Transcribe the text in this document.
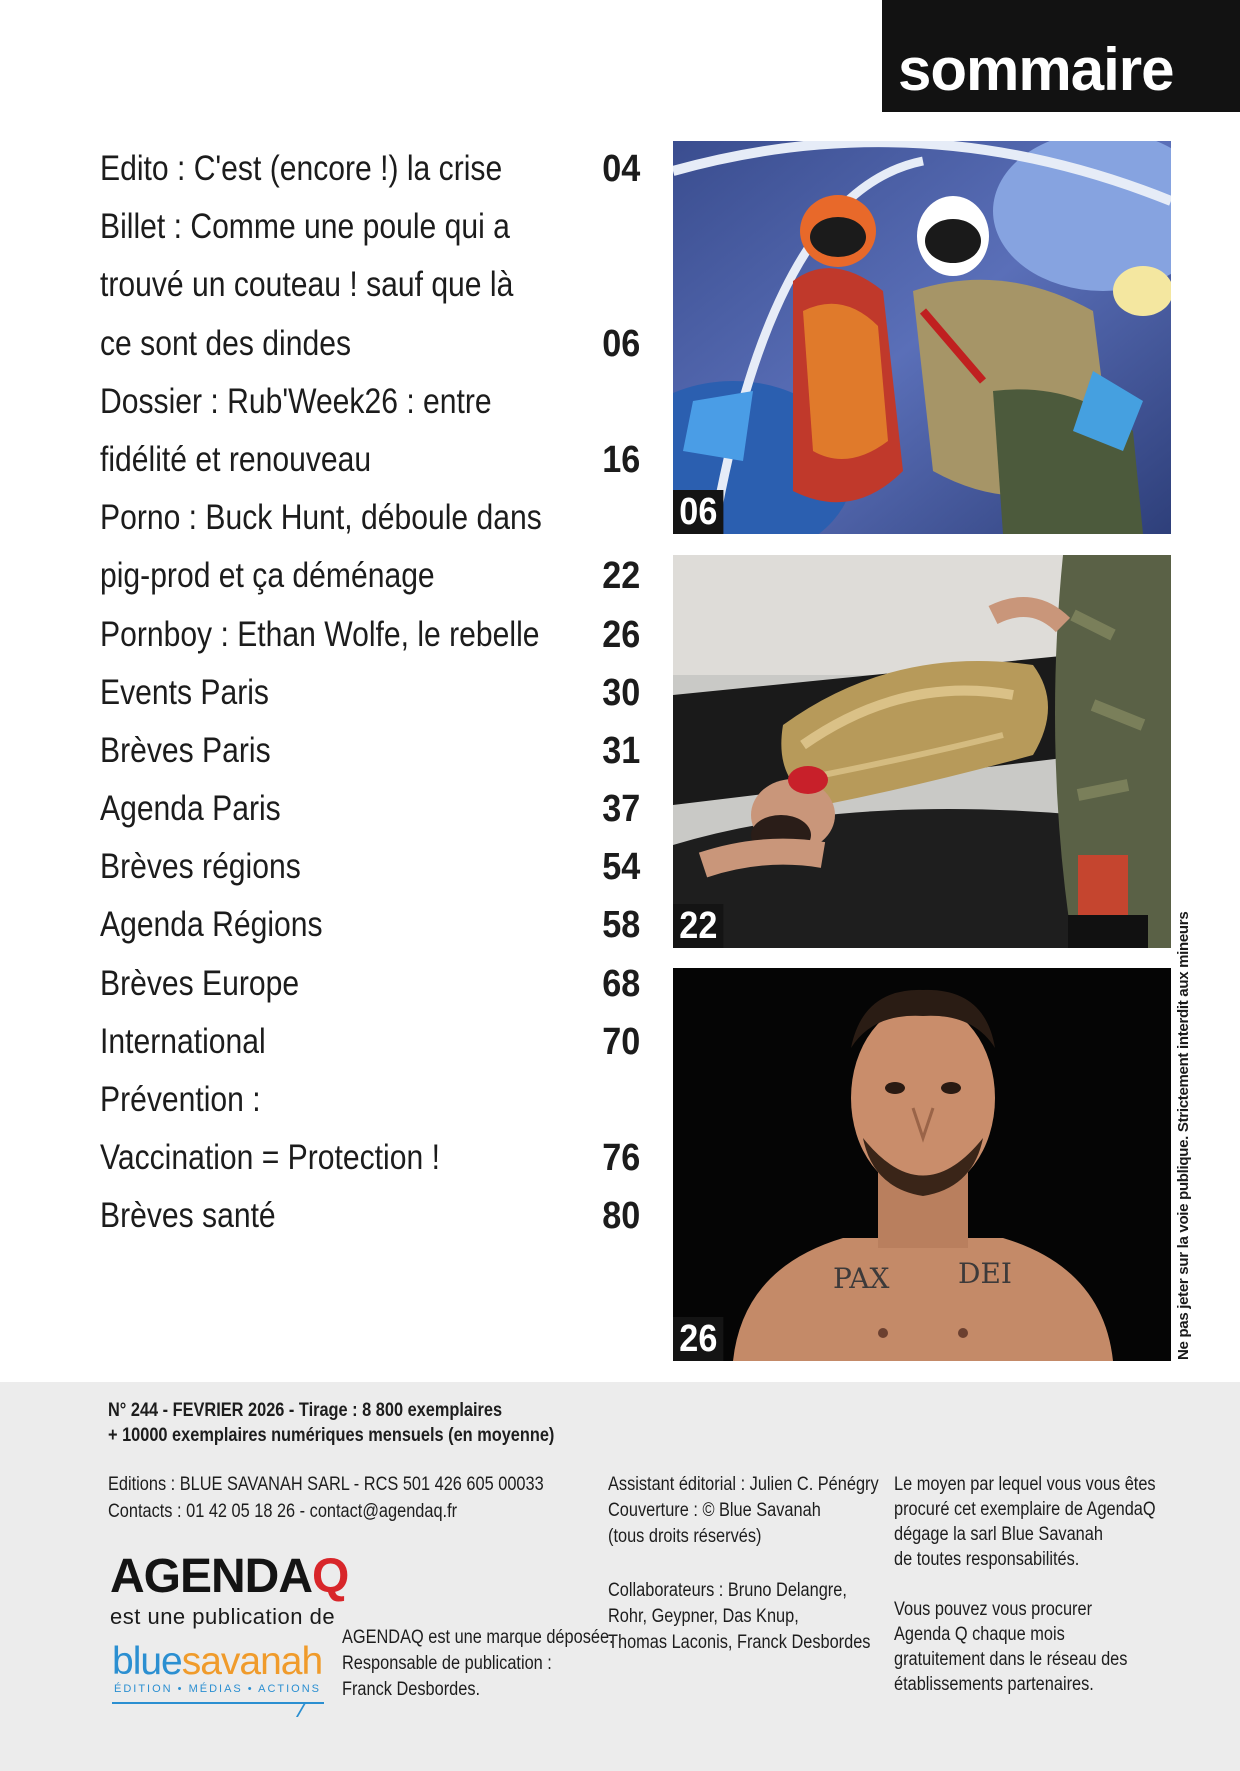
sommaire
Edito : C'est (encore !) la crise	04
Billet : Comme une poule qui a
trouvé un couteau ! sauf que là
ce sont des dindes	06
Dossier : Rub'Week26 : entre
fidélité et renouveau	16
Porno : Buck Hunt, déboule dans
pig-prod et ça déménage	22
Pornboy : Ethan Wolfe, le rebelle 26
Events Paris	30
Brèves Paris	31
Agenda Paris	37
Brèves régions	54
Agenda Régions	58
Brèves Europe	68
International	70
Prévention :
Vaccination = Protection !	76
Brèves santé	80
06
22
PAX DEI
26	Ne pas jeter sur la voie publique. Strictement interdit aux mineurs
N° 244 - FEVRIER 2026 - Tirage : 8 800 exemplaires
+ 10000 exemplaires numériques mensuels (en moyenne)
Editions : BLUE SAVANAH SARL - RCS 501 426 605 00033
Contacts : 01 42 05 18 26 - contact@agendaq.fr
Assistant éditorial : Julien C. Pénégry
Couverture : © Blue Savanah
(tous droits réservés)
Collaborateurs : Bruno Delangre,
Rohr, Geypner, Das Knup,
Thomas Laconis, Franck Desbordes
AGENDAQ est une marque déposée.
Responsable de publication :
Franck Desbordes.
Le moyen par lequel vous vous êtes
procuré cet exemplaire de AgendaQ
dégage la sarl Blue Savanah
de toutes responsabilités.
Vous pouvez vous procurer
Agenda Q chaque mois
gratuitement dans le réseau des
établissements partenaires.
AGENDAQ
est une publication de
bluesavanah
ÉDITION • MÉDIAS • ACTIONS
